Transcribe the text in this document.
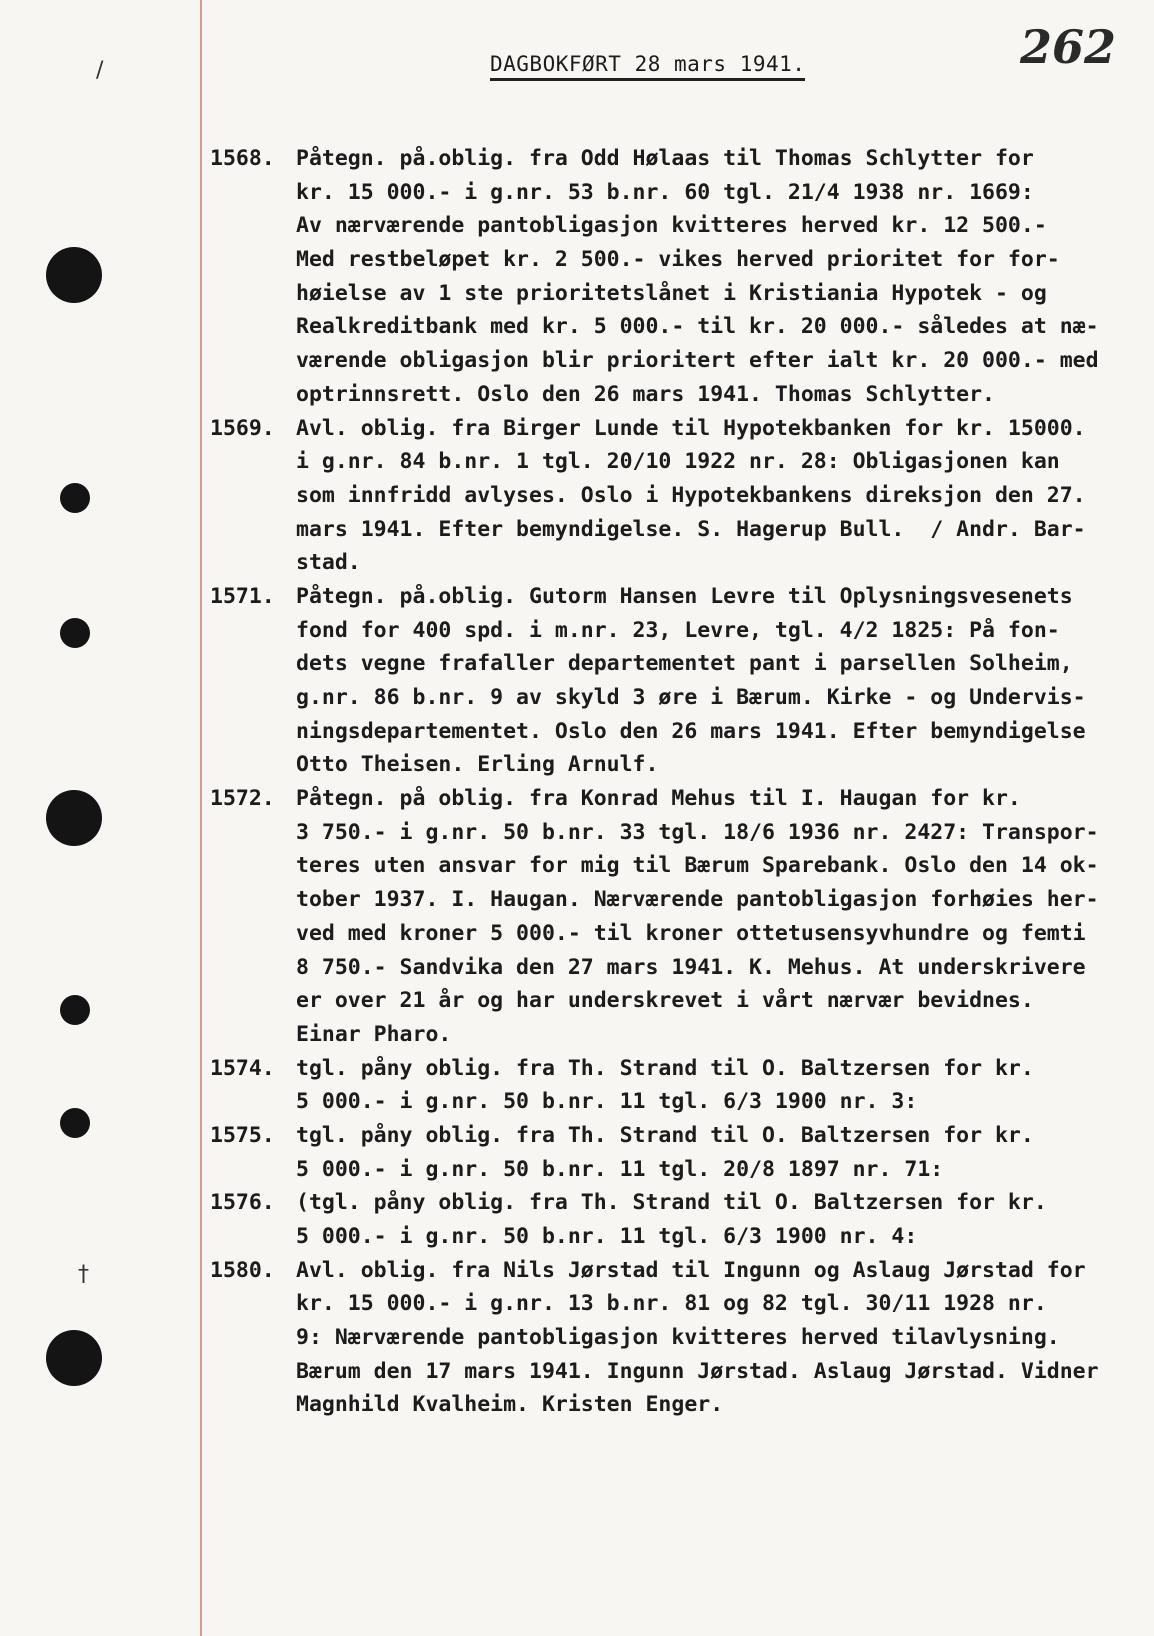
/
†
DAGBOKFØRT 28 mars 1941.	262
1568. Påtegn. på.oblig. fra Odd Hølaas til Thomas Schlytter for
kr. 15 000.- i g.nr. 53 b.nr. 60 tgl. 21/4 1938 nr. 1669:
Av nærværende pantobligasjon kvitteres herved kr. 12 500.-
Med restbeløpet kr. 2 500.- vikes herved prioritet for for-
høielse av 1 ste prioritetslånet i Kristiania Hypotek - og
Realkreditbank med kr. 5 000.- til kr. 20 000.- således at næ-
værende obligasjon blir prioritert efter ialt kr. 20 000.- med
optrinnsrett. Oslo den 26 mars 1941. Thomas Schlytter.
1569. Avl. oblig. fra Birger Lunde til Hypotekbanken for kr. 15000.
i g.nr. 84 b.nr. 1 tgl. 20/10 1922 nr. 28: Obligasjonen kan
som innfridd avlyses. Oslo i Hypotekbankens direksjon den 27.
mars 1941. Efter bemyndigelse. S. Hagerup Bull.  / Andr. Bar-
stad.
1571. Påtegn. på.oblig. Gutorm Hansen Levre til Oplysningsvesenets
fond for 400 spd. i m.nr. 23, Levre, tgl. 4/2 1825: På fon-
dets vegne frafaller departementet pant i parsellen Solheim,
g.nr. 86 b.nr. 9 av skyld 3 øre i Bærum. Kirke - og Undervis-
ningsdepartementet. Oslo den 26 mars 1941. Efter bemyndigelse
Otto Theisen. Erling Arnulf.
1572. Påtegn. på oblig. fra Konrad Mehus til I. Haugan for kr.
3 750.- i g.nr. 50 b.nr. 33 tgl. 18/6 1936 nr. 2427: Transpor-
teres uten ansvar for mig til Bærum Sparebank. Oslo den 14 ok-
tober 1937. I. Haugan. Nærværende pantobligasjon forhøies her-
ved med kroner 5 000.- til kroner ottetusensyvhundre og femti
8 750.- Sandvika den 27 mars 1941. K. Mehus. At underskrivere
er over 21 år og har underskrevet i vårt nærvær bevidnes.
Einar Pharo.
1574. tgl. påny oblig. fra Th. Strand til O. Baltzersen for kr.
5 000.- i g.nr. 50 b.nr. 11 tgl. 6/3 1900 nr. 3:
1575. tgl. påny oblig. fra Th. Strand til O. Baltzersen for kr.
5 000.- i g.nr. 50 b.nr. 11 tgl. 20/8 1897 nr. 71:
1576. (tgl. påny oblig. fra Th. Strand til O. Baltzersen for kr.
5 000.- i g.nr. 50 b.nr. 11 tgl. 6/3 1900 nr. 4:
1580. Avl. oblig. fra Nils Jørstad til Ingunn og Aslaug Jørstad for
kr. 15 000.- i g.nr. 13 b.nr. 81 og 82 tgl. 30/11 1928 nr.
9: Nærværende pantobligasjon kvitteres herved tilavlysning.
Bærum den 17 mars 1941. Ingunn Jørstad. Aslaug Jørstad. Vidner
Magnhild Kvalheim. Kristen Enger.
